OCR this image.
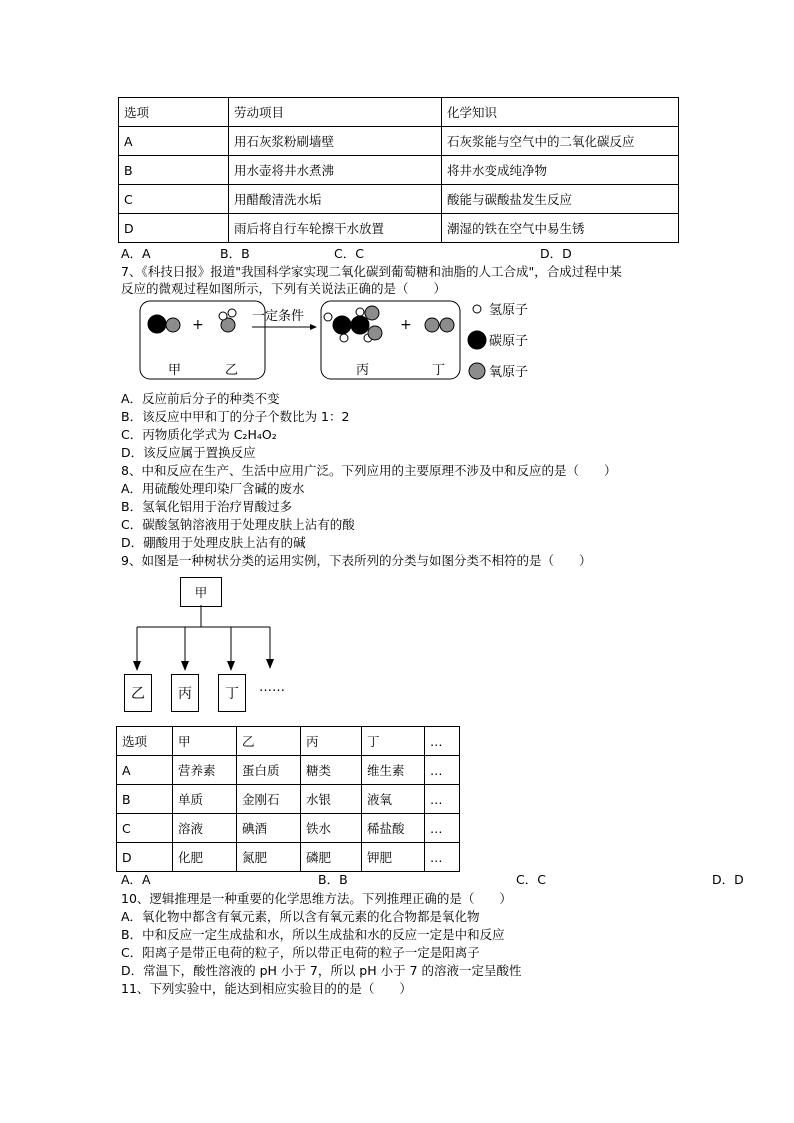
选项	劳动项目	化学知识
A	用石灰浆粉刷墙壁	石灰浆能与空气中的二氧化碳反应
B	用水壶将井水煮沸	将井水变成纯净物
C	用醋酸清洗水垢	酸能与碳酸盐发生反应
D	雨后将自行车轮擦干水放置	潮湿的铁在空气中易生锈
A．A	B．B	C．C	D．D
7、《科技日报》报道"我国科学家实现二氧化碳到葡萄糖和油脂的人工合成"，合成过程中某
反应的微观过程如图所示，下列有关说法正确的是（　　）
+
甲	乙
一定条件
+
丙	丁
氢原子
碳原子
氧原子
A．反应前后分子的种类不变
B．该反应中甲和丁的分子个数比为 1：2
C．丙物质化学式为 C₂H₄O₂
D．该反应属于置换反应
8、中和反应在生产、生活中应用广泛。下列应用的主要原理不涉及中和反应的是（　　）
A．用硫酸处理印染厂含碱的废水
B．氢氧化铝用于治疗胃酸过多
C．碳酸氢钠溶液用于处理皮肤上沾有的酸
D．硼酸用于处理皮肤上沾有的碱
9、如图是一种树状分类的运用实例，下表所列的分类与如图分类不相符的是（　　）
甲
乙 丙 丁 ……
选项	甲	乙	丙	丁	…
A	营养素	蛋白质	糖类	维生素	…
B	单质	金刚石	水银	液氧	…
C	溶液	碘酒	铁水	稀盐酸	…
D	化肥	氮肥	磷肥	钾肥	…
A．A	B．B	C．C	D．D
10、逻辑推理是一种重要的化学思维方法。下列推理正确的是（　　）
A．氧化物中都含有氧元素，所以含有氧元素的化合物都是氧化物
B．中和反应一定生成盐和水，所以生成盐和水的反应一定是中和反应
C．阳离子是带正电荷的粒子，所以带正电荷的粒子一定是阳离子
D．常温下，酸性溶液的 pH 小于 7，所以 pH 小于 7 的溶液一定呈酸性
11、下列实验中，能达到相应实验目的的是（　　）
